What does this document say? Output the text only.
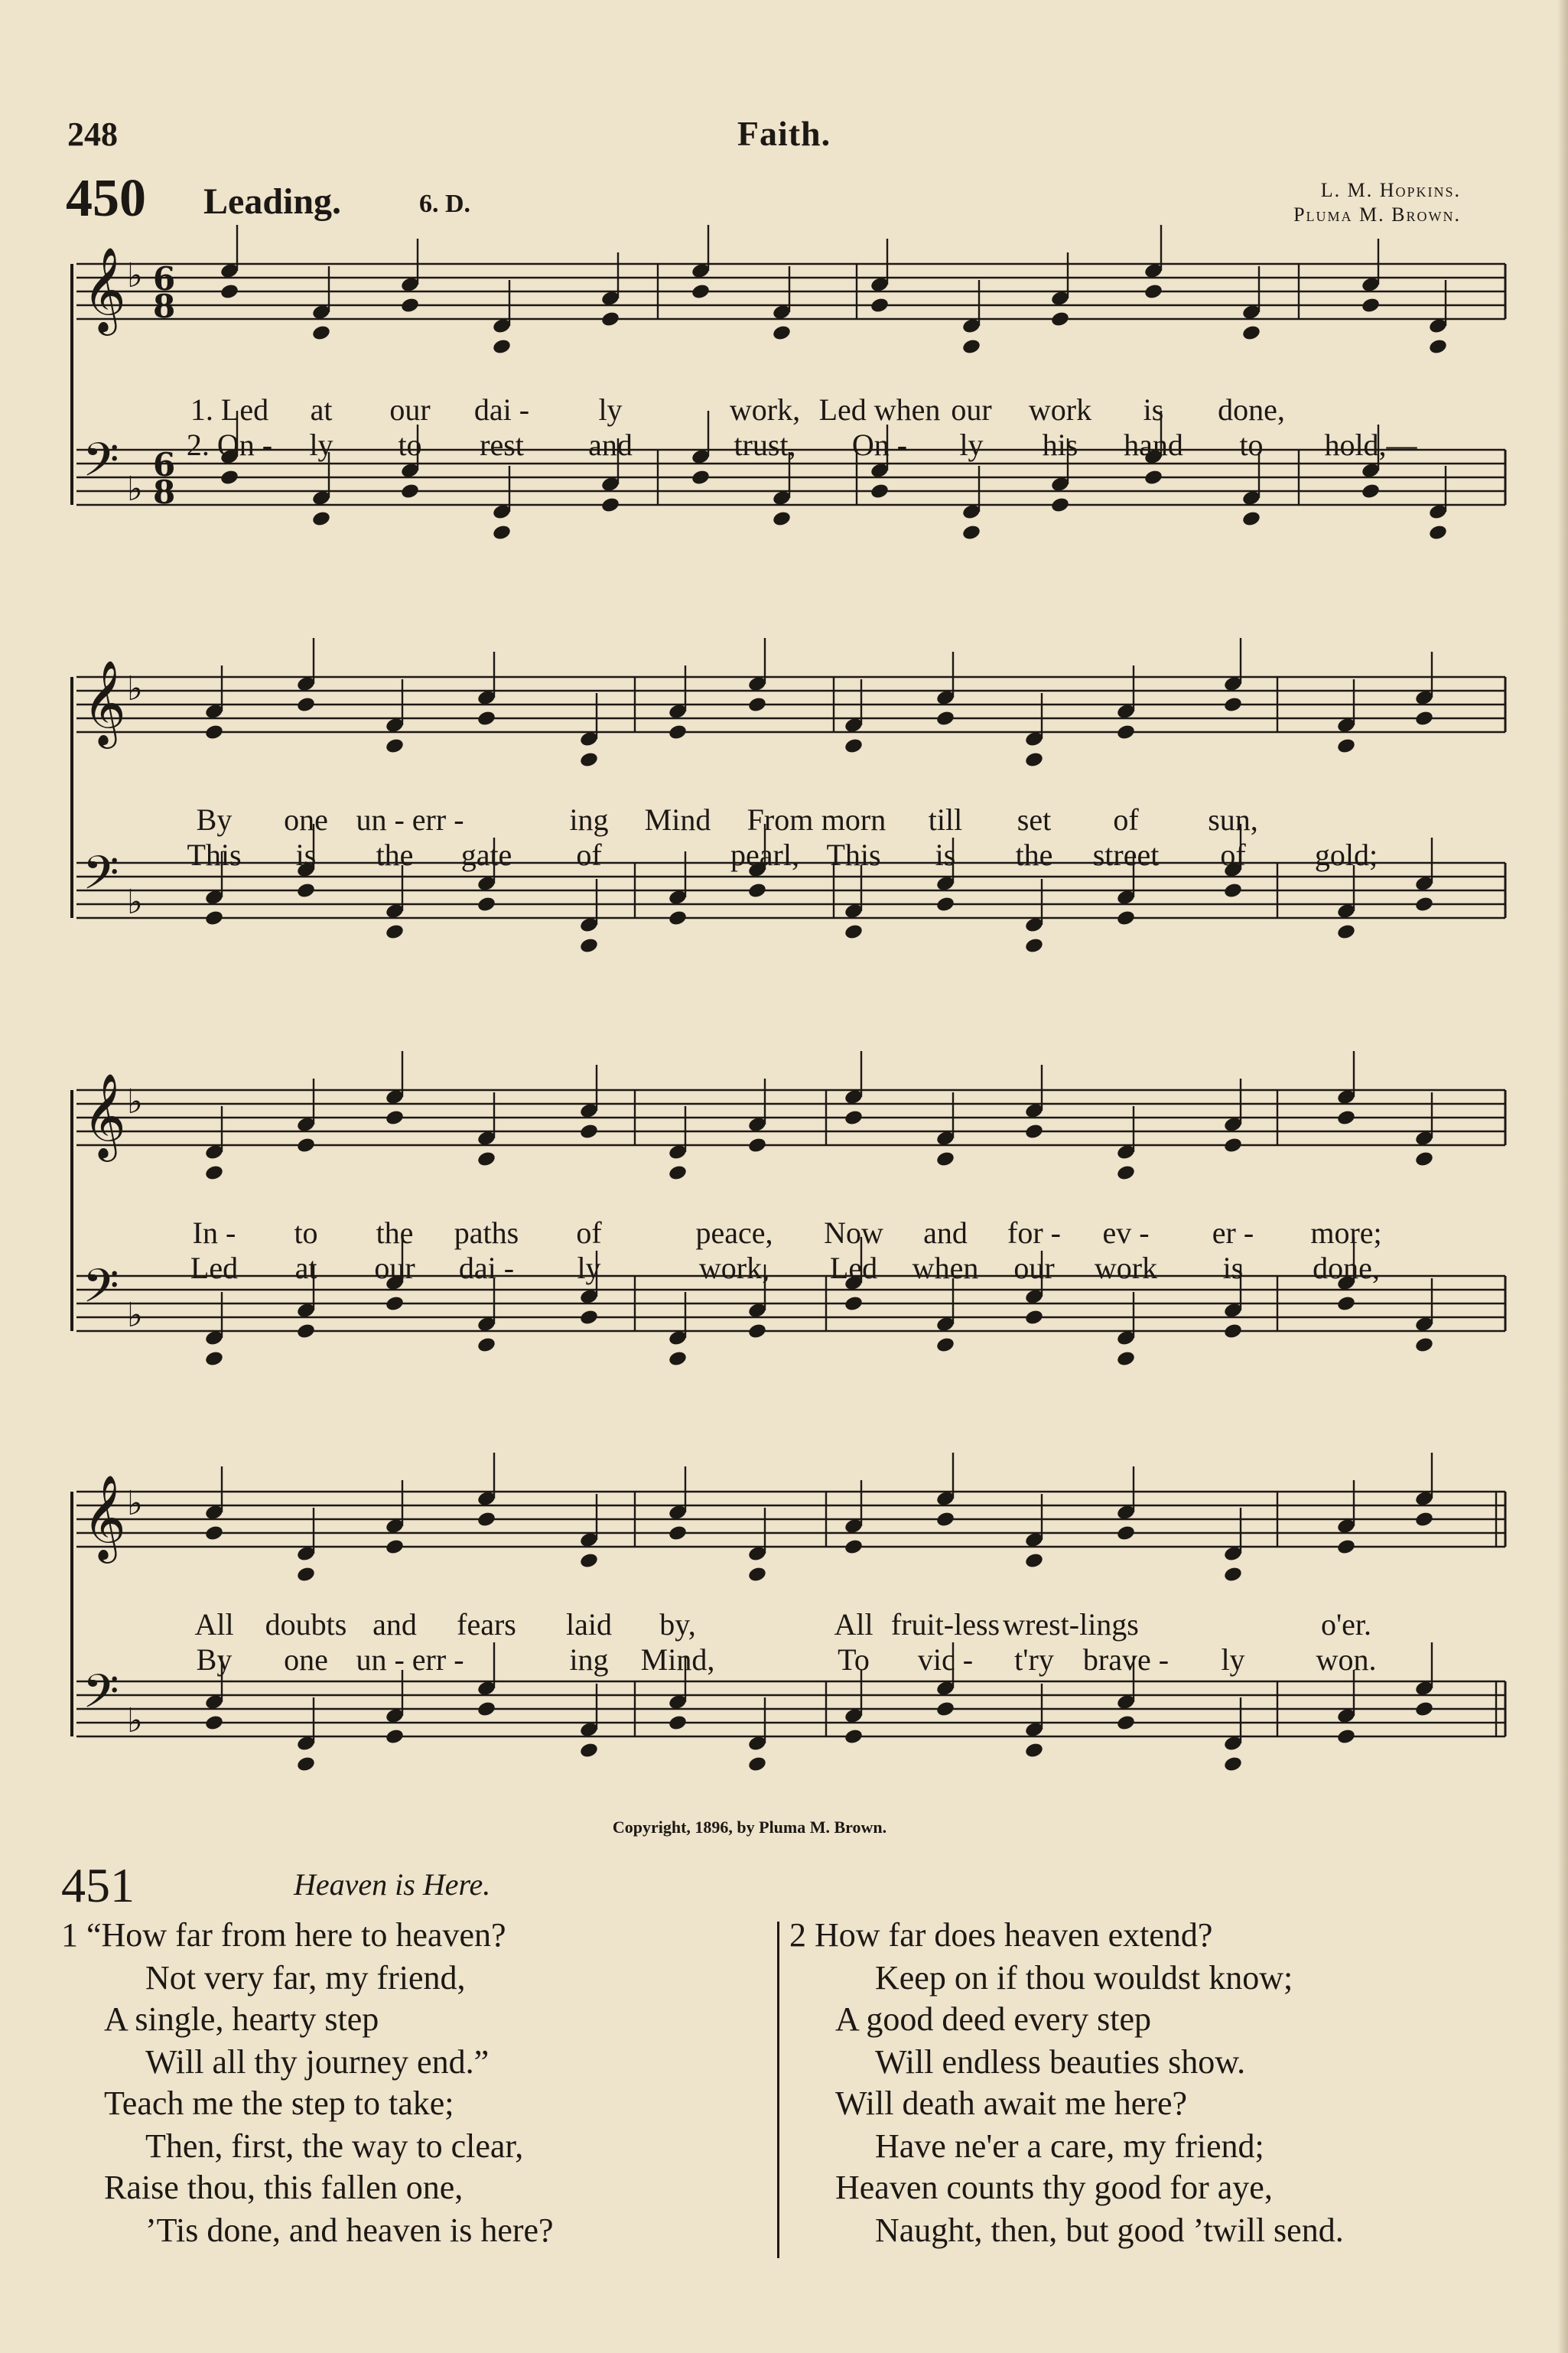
248	Faith.
450 Leading.	6. D.	L. M. Hopkins.
Pluma M. Brown.
𝄞 ♭
𝄢 ♭
6
8
6
8
𝄞 ♭
𝄢 ♭
𝄞 ♭
𝄢 ♭
𝄞 ♭
𝄢 ♭
1. Led at our dai - ly	work, Led when our work is done,
2. On - ly to rest and	trust, On - ly his hand to hold,—
By one un - err -	ing Mind From morn till set of sun,
This is the gate of	pearl, This is the street of gold;
In - to the paths of	peace, Now and for - ev - er - more;
Led at our dai - ly	work, Led when our work is done,
All doubts and fears laid by,	All fruit-less wrest-lings	o'er.
By one un - err -	ing Mind,	To vic - t'ry brave - ly won.
Copyright, 1896, by Pluma M. Brown.
451	Heaven is Here.
1 “How far from here to heaven?
Not very far, my friend,
A single, hearty step
Will all thy journey end.”
Teach me the step to take;
Then, first, the way to clear,
Raise thou, this fallen one,
’Tis done, and heaven is here?
2 How far does heaven extend?
Keep on if thou wouldst know;
A good deed every step
Will endless beauties show.
Will death await me here?
Have ne'er a care, my friend;
Heaven counts thy good for aye,
Naught, then, but good ’twill send.
